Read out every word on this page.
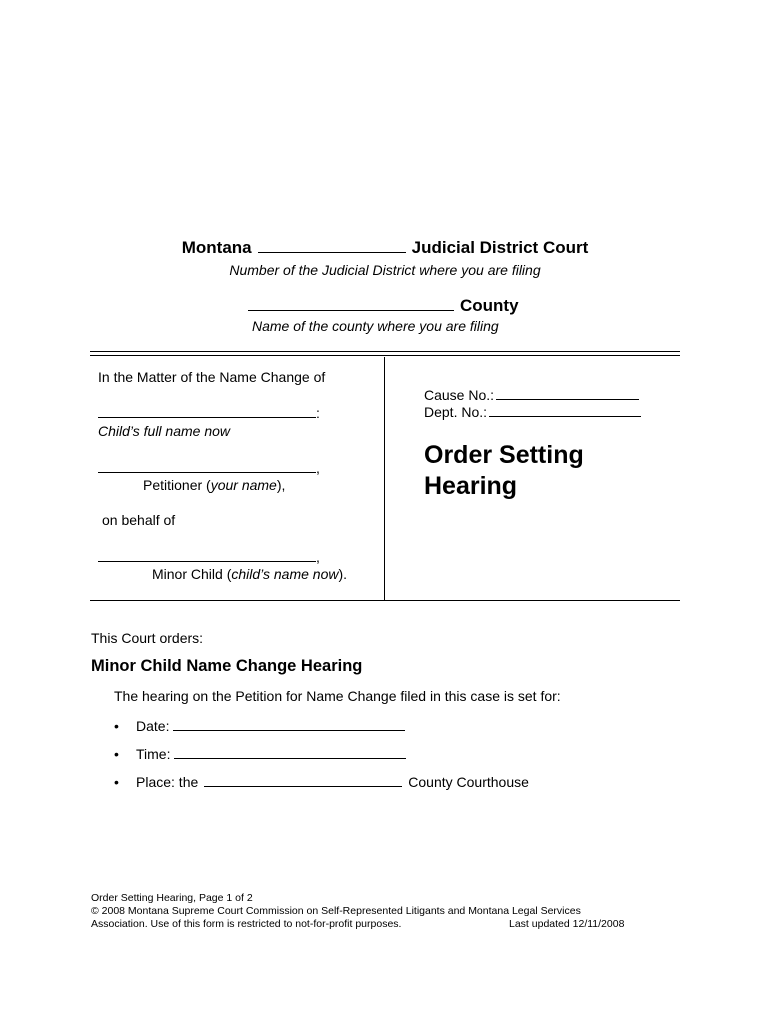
Montana	Judicial District Court
Number of the Judicial District where you are filing
County
Name of the county where you are filing
In the Matter of the Name Change of
:
Child’s full name now
,
Petitioner (your name),
on behalf of
,
Minor Child (child’s name now).
Cause No.:
Dept. No.:
Order Setting
Hearing
This Court orders:
Minor Child Name Change Hearing
The hearing on the Petition for Name Change filed in this case is set for:
• Date:
• Time:
• Place: the	County Courthouse
Order Setting Hearing, Page 1 of 2
© 2008 Montana Supreme Court Commission on Self-Represented Litigants and Montana Legal Services
Association. Use of this form is restricted to not-for-profit purposes.	Last updated 12/11/2008
